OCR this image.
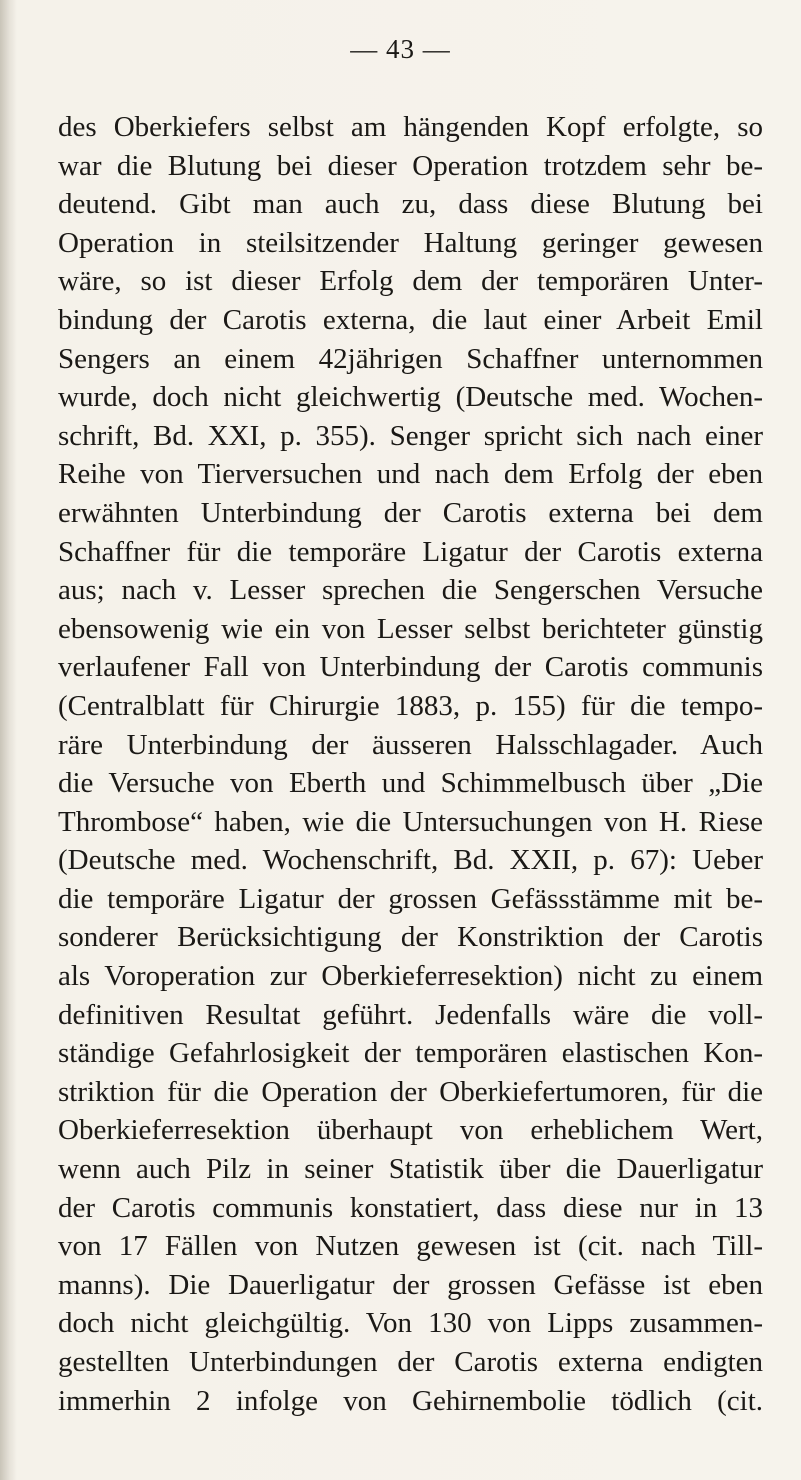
— 43 —
des Oberkiefers selbst am hängenden Kopf erfolgte, so
war die Blutung bei dieser Operation trotzdem sehr be-
deutend. Gibt man auch zu, dass diese Blutung bei
Operation in steilsitzender Haltung geringer gewesen
wäre, so ist dieser Erfolg dem der temporären Unter-
bindung der Carotis externa, die laut einer Arbeit Emil
Sengers an einem 42jährigen Schaffner unternommen
wurde, doch nicht gleichwertig (Deutsche med. Wochen-
schrift, Bd. XXI, p. 355). Senger spricht sich nach einer
Reihe von Tierversuchen und nach dem Erfolg der eben
erwähnten Unterbindung der Carotis externa bei dem
Schaffner für die temporäre Ligatur der Carotis externa
aus; nach v. Lesser sprechen die Sengerschen Versuche
ebensowenig wie ein von Lesser selbst berichteter günstig
verlaufener Fall von Unterbindung der Carotis communis
(Centralblatt für Chirurgie 1883, p. 155) für die tempo-
räre Unterbindung der äusseren Halsschlagader. Auch
die Versuche von Eberth und Schimmelbusch über „Die
Thrombose“ haben, wie die Untersuchungen von H. Riese
(Deutsche med. Wochenschrift, Bd. XXII, p. 67): Ueber
die temporäre Ligatur der grossen Gefässstämme mit be-
sonderer Berücksichtigung der Konstriktion der Carotis
als Voroperation zur Oberkieferresektion) nicht zu einem
definitiven Resultat geführt. Jedenfalls wäre die voll-
ständige Gefahrlosigkeit der temporären elastischen Kon-
striktion für die Operation der Oberkiefertumoren, für die
Oberkieferresektion überhaupt von erheblichem Wert,
wenn auch Pilz in seiner Statistik über die Dauerligatur
der Carotis communis konstatiert, dass diese nur in 13
von 17 Fällen von Nutzen gewesen ist (cit. nach Till-
manns). Die Dauerligatur der grossen Gefässe ist eben
doch nicht gleichgültig. Von 130 von Lipps zusammen-
gestellten Unterbindungen der Carotis externa endigten
immerhin 2 infolge von Gehirnembolie tödlich (cit.
